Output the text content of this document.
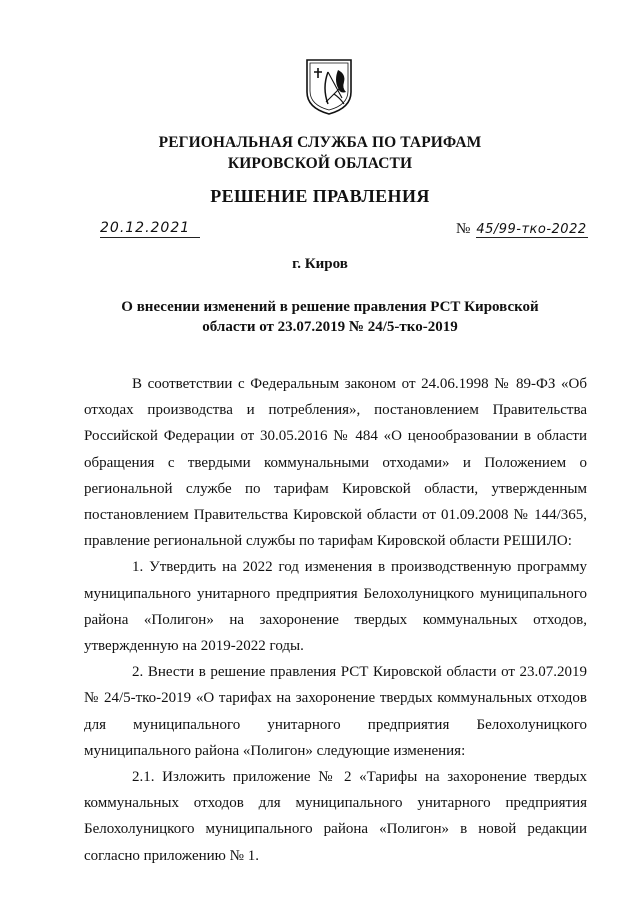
РЕГИОНАЛЬНАЯ СЛУЖБА ПО ТАРИФАМ
КИРОВСКОЙ ОБЛАСТИ
РЕШЕНИЕ ПРАВЛЕНИЯ
20.12.2021	№ 45/99-тко-2022
г. Киров
О внесении изменений в решение правления РСТ Кировской
области от 23.07.2019 № 24/5-тко-2019

В соответствии с Федеральным законом от 24.06.1998 № 89-ФЗ «Об отходах производства и потребления», постановлением Правительства Российской Федерации от 30.05.2016 № 484 «О ценообразовании в области обращения с твердыми коммунальными отходами» и Положением о региональной службе по тарифам Кировской области, утвержденным постановлением Правительства Кировской области от 01.09.2008 № 144/365, правление региональной службы по тарифам Кировской области РЕШИЛО:

1. Утвердить на 2022 год изменения в производственную программу муниципального унитарного предприятия Белохолуницкого муниципального района «Полигон» на захоронение твердых коммунальных отходов, утвержденную на 2019-2022 годы.

2. Внести в решение правления РСТ Кировской области от 23.07.2019 № 24/5-тко-2019 «О тарифах на захоронение твердых коммунальных отходов для муниципального унитарного предприятия Белохолуницкого муниципального района «Полигон» следующие изменения:

2.1. Изложить приложение № 2 «Тарифы на захоронение твердых коммунальных отходов для муниципального унитарного предприятия Белохолуницкого муниципального района «Полигон» в новой редакции согласно приложению № 1.
